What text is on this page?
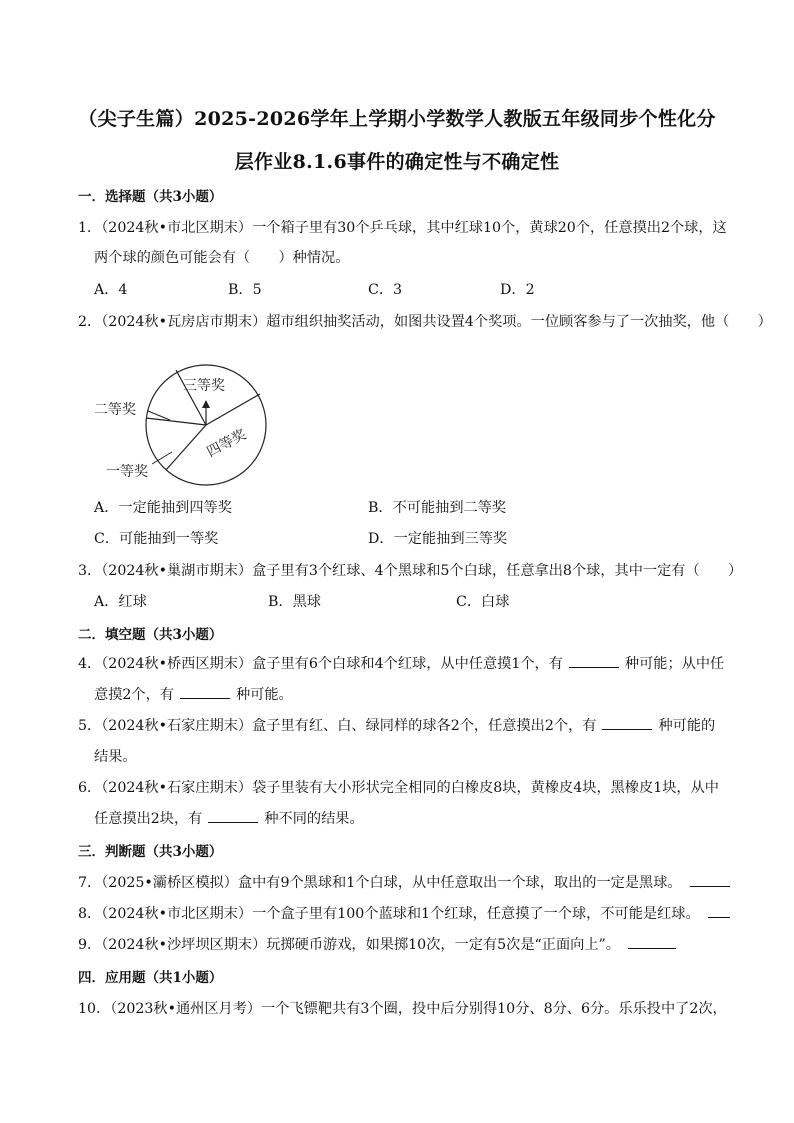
（尖子生篇）2025-2026学年上学期小学数学人教版五年级同步个性化分
层作业8.1.6事件的确定性与不确定性
一．选择题（共3小题）
1．（2024秋•市北区期末）一个箱子里有30个乒乓球，其中红球10个，黄球20个，任意摸出2个球，这
两个球的颜色可能会有（　　）种情况。
A．4	B．5	C．3	D．2
2．（2024秋•瓦房店市期末）超市组织抽奖活动，如图共设置4个奖项。一位顾客参与了一次抽奖，他（　　）
三等奖
二等奖
一等奖
四等奖
A．一定能抽到四等奖	B．不可能抽到二等奖
C．可能抽到一等奖	D．一定能抽到三等奖
3．（2024秋•巢湖市期末）盒子里有3个红球、4个黑球和5个白球，任意拿出8个球，其中一定有（　　）
A．红球	B．黑球	C．白球
二．填空题（共3小题）
4．（2024秋•桥西区期末）盒子里有6个白球和4个红球，从中任意摸1个，有	种可能；从中任
意摸2个，有	种可能。
5．（2024秋•石家庄期末）盒子里有红、白、绿同样的球各2个，任意摸出2个，有	种可能的
结果。
6．（2024秋•石家庄期末）袋子里装有大小形状完全相同的白橡皮8块，黄橡皮4块，黑橡皮1块，从中
任意摸出2块，有	种不同的结果。
三．判断题（共3小题）
7．（2025•灞桥区模拟）盒中有9个黑球和1个白球，从中任意取出一个球，取出的一定是黑球。
8．（2024秋•市北区期末）一个盒子里有100个蓝球和1个红球，任意摸了一个球，不可能是红球。
9．（2024秋•沙坪坝区期末）玩掷硬币游戏，如果掷10次，一定有5次是“正面向上”。
四．应用题（共1小题）
10．（2023秋•通州区月考）一个飞镖靶共有3个圈，投中后分别得10分、8分、6分。乐乐投中了2次，
